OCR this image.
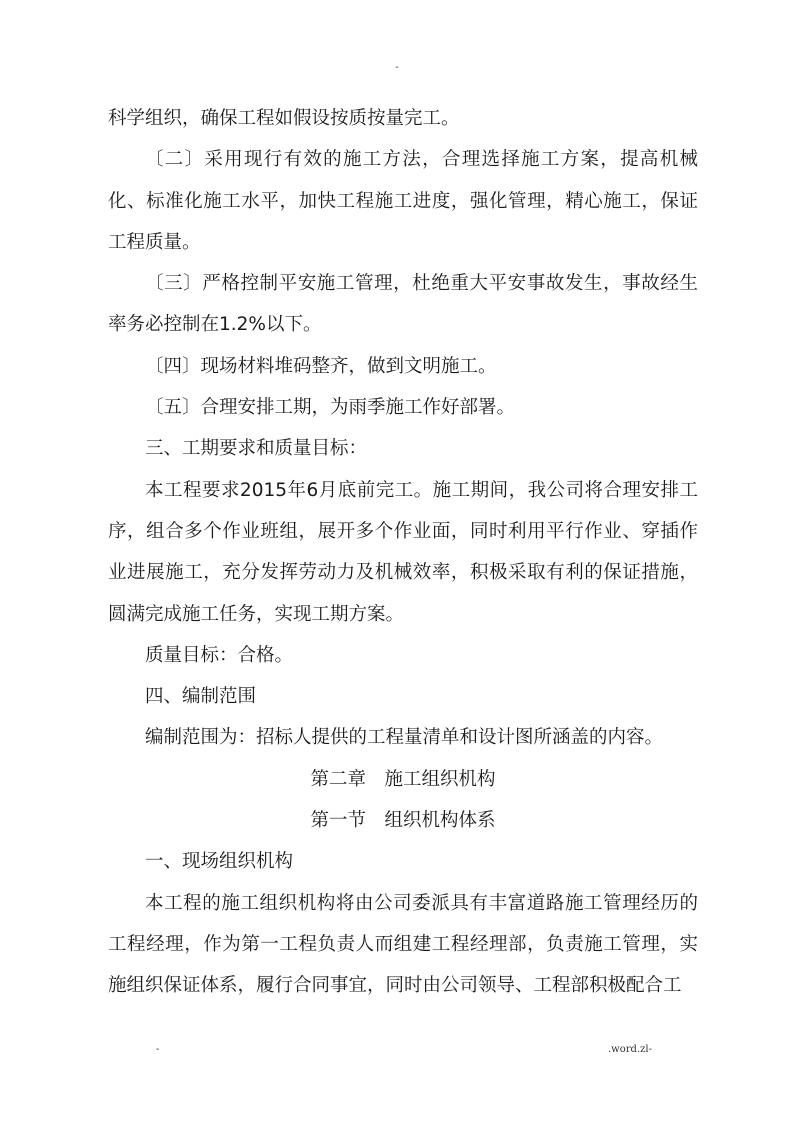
-

科学组织，确保工程如假设按质按量完工。

〔二〕采用现行有效的施工方法，合理选择施工方案，提高机械化、标准化施工水平，加快工程施工进度，强化管理，精心施工，保证工程质量。

〔三〕严格控制平安施工管理，杜绝重大平安事故发生，事故经生率务必控制在1.2%以下。

〔四〕现场材料堆码整齐，做到文明施工。

〔五〕合理安排工期，为雨季施工作好部署。

三、工期要求和质量目标：

本工程要求2015年6月底前完工。施工期间，我公司将合理安排工序，组合多个作业班组，展开多个作业面，同时利用平行作业、穿插作业进展施工，充分发挥劳动力及机械效率，积极采取有利的保证措施，圆满完成施工任务，实现工期方案。

质量目标：合格。

四、编制范围

编制范围为：招标人提供的工程量清单和设计图所涵盖的内容。

第二章　施工组织机构

第一节　组织机构体系

一、现场组织机构

本工程的施工组织机构将由公司委派具有丰富道路施工管理经历的工程经理，作为第一工程负责人而组建工程经理部，负责施工管理，实施组织保证体系，履行合同事宜，同时由公司领导、工程部积极配合工

-	.word.zl-
